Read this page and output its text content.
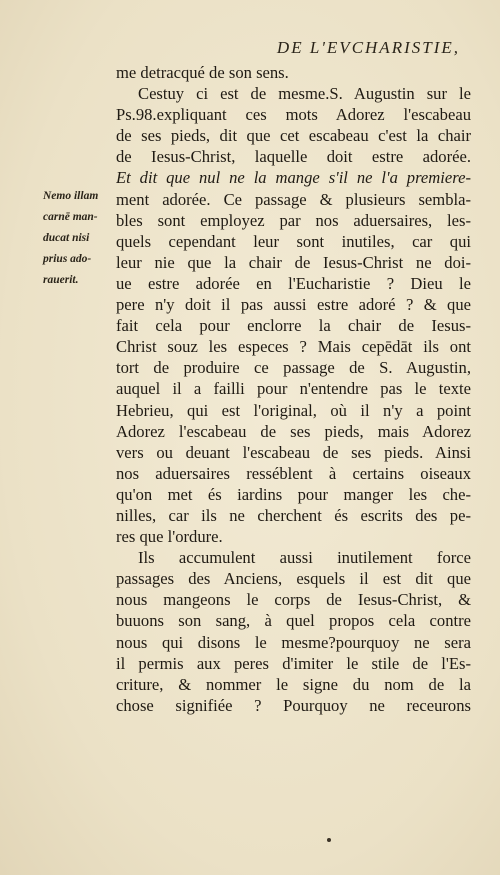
DE L'EVCHARISTIE,
Nemo illam
carnē man-
ducat nisi
prius ado-
rauerit.
me detracqué de son sens.
Cestuy ci est de mesme.S. Augustin sur le
Ps.98.expliquant ces mots Adorez l'escabeau
de ses pieds, dit que cet escabeau c'est la chair
de Iesus-Christ, laquelle doit estre adorée.
Et dit que nul ne la mange s'il ne l'a premiere-
ment adorée. Ce passage & plusieurs sembla-
bles sont employez par nos aduersaires, les-
quels cependant leur sont inutiles, car qui
leur nie que la chair de Iesus-Christ ne doi-
ue estre adorée en l'Eucharistie ? Dieu le
pere n'y doit il pas aussi estre adoré ? & que
fait cela pour enclorre la chair de Iesus-
Christ souz les especes ? Mais cepēdāt ils ont
tort de produire ce passage de S. Augustin,
auquel il a failli pour n'entendre pas le texte
Hebrieu, qui est l'original, où il n'y a point
Adorez l'escabeau de ses pieds, mais Adorez
vers ou deuant l'escabeau de ses pieds. Ainsi
nos aduersaires resséblent à certains oiseaux
qu'on met és iardins pour manger les che-
nilles, car ils ne cherchent és escrits des pe-
res que l'ordure.
Ils accumulent aussi inutilement force
passages des Anciens, esquels il est dit que
nous mangeons le corps de Iesus-Christ, &
buuons son sang, à quel propos cela contre
nous qui disons le mesme?pourquoy ne sera
il permis aux peres d'imiter le stile de l'Es-
criture, & nommer le signe du nom de la
chose signifiée ? Pourquoy ne receurons
